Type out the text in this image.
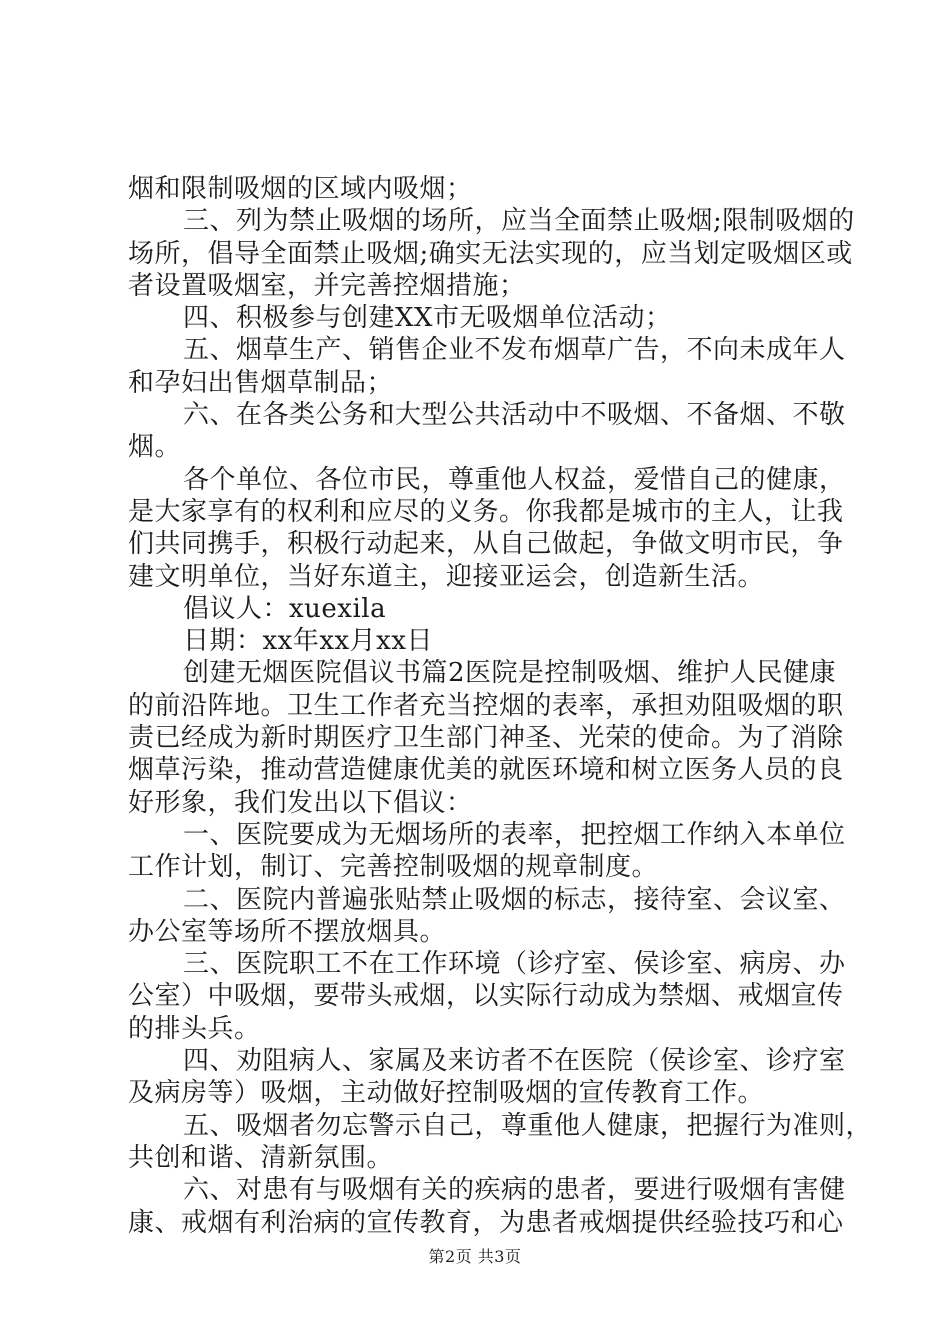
烟和限制吸烟的区域内吸烟；
三、列为禁止吸烟的场所，应当全面禁止吸烟;限制吸烟的
场所，倡导全面禁止吸烟;确实无法实现的，应当划定吸烟区或
者设置吸烟室，并完善控烟措施；
四、积极参与创建XX市无吸烟单位活动；
五、烟草生产、销售企业不发布烟草广告，不向未成年人
和孕妇出售烟草制品；
六、在各类公务和大型公共活动中不吸烟、不备烟、不敬
烟。
各个单位、各位市民，尊重他人权益，爱惜自己的健康，
是大家享有的权利和应尽的义务。你我都是城市的主人，让我
们共同携手，积极行动起来，从自己做起，争做文明市民，争
建文明单位，当好东道主，迎接亚运会，创造新生活。
倡议人：xuexila
日期：xx年xx月xx日
创建无烟医院倡议书篇2医院是控制吸烟、维护人民健康
的前沿阵地。卫生工作者充当控烟的表率，承担劝阻吸烟的职
责已经成为新时期医疗卫生部门神圣、光荣的使命。为了消除
烟草污染，推动营造健康优美的就医环境和树立医务人员的良
好形象，我们发出以下倡议：
一、医院要成为无烟场所的表率，把控烟工作纳入本单位
工作计划，制订、完善控制吸烟的规章制度。
二、医院内普遍张贴禁止吸烟的标志，接待室、会议室、
办公室等场所不摆放烟具。
三、医院职工不在工作环境（诊疗室、侯诊室、病房、办
公室）中吸烟，要带头戒烟，以实际行动成为禁烟、戒烟宣传
的排头兵。
四、劝阻病人、家属及来访者不在医院（侯诊室、诊疗室
及病房等）吸烟，主动做好控制吸烟的宣传教育工作。
五、吸烟者勿忘警示自己，尊重他人健康，把握行为准则，
共创和谐、清新氛围。
六、对患有与吸烟有关的疾病的患者，要进行吸烟有害健
康、戒烟有利治病的宣传教育，为患者戒烟提供经验技巧和心
第2页 共3页
